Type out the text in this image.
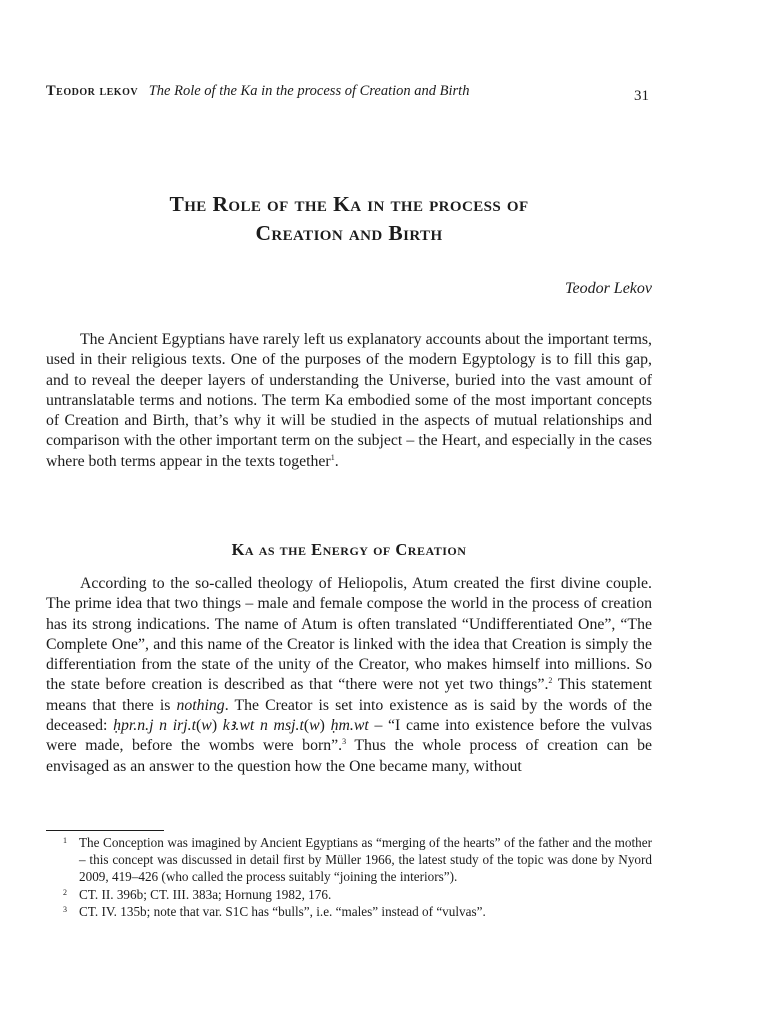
Teodor lekov The Role of the Ka in the process of Creation and Birth	31
The Role of the Ka in the process of
Creation and Birth
Teodor Lekov

The Ancient Egyptians have rarely left us explanatory accounts about the important terms, used in their religious texts. One of the purposes of the modern Egyptology is to fill this gap, and to reveal the deeper layers of understanding the Universe, buried into the vast amount of untranslatable terms and notions. The term Ka embodied some of the most important concepts of Creation and Birth, that’s why it will be studied in the aspects of mutual relationships and comparison with the other important term on the subject – the Heart, and especially in the cases where both terms appear in the texts together$^1$.

Ka as the Energy of Creation

According to the so-called theology of Heliopolis, Atum created the first divine couple. The prime idea that two things – male and female compose the world in the process of creation has its strong indications. The name of Atum is often translated “Undifferentiated One”, “The Complete One”, and this name of the Creator is linked with the idea that Creation is simply the differentiation from the state of the unity of the Creator, who makes himself into millions. So the state before creation is described as that “there were not yet two things”.$^2$ This statement means that there is nothing. The Creator is set into existence as is said by the words of the deceased: ḥpr.n.j n irj.t(w) kꜣ.wt n msj.t(w) ḥm.wt – “I came into existence before the vulvas were made, before the wombs were born”.$^3$ Thus the whole process of creation can be envisaged as an answer to the question how the One became many, without

1 The Conception was imagined by Ancient Egyptians as “merging of the hearts” of the father and the mother – this concept was discussed in detail first by Müller 1966, the latest study of the topic was done by Nyord 2009, 419–426 (who called the process suitably “joining the interiors”).
2 CT. II. 396b; CT. III. 383a; Hornung 1982, 176.
3 CT. IV. 135b; note that var. S1C has “bulls”, i.e. “males” instead of “vulvas”.
